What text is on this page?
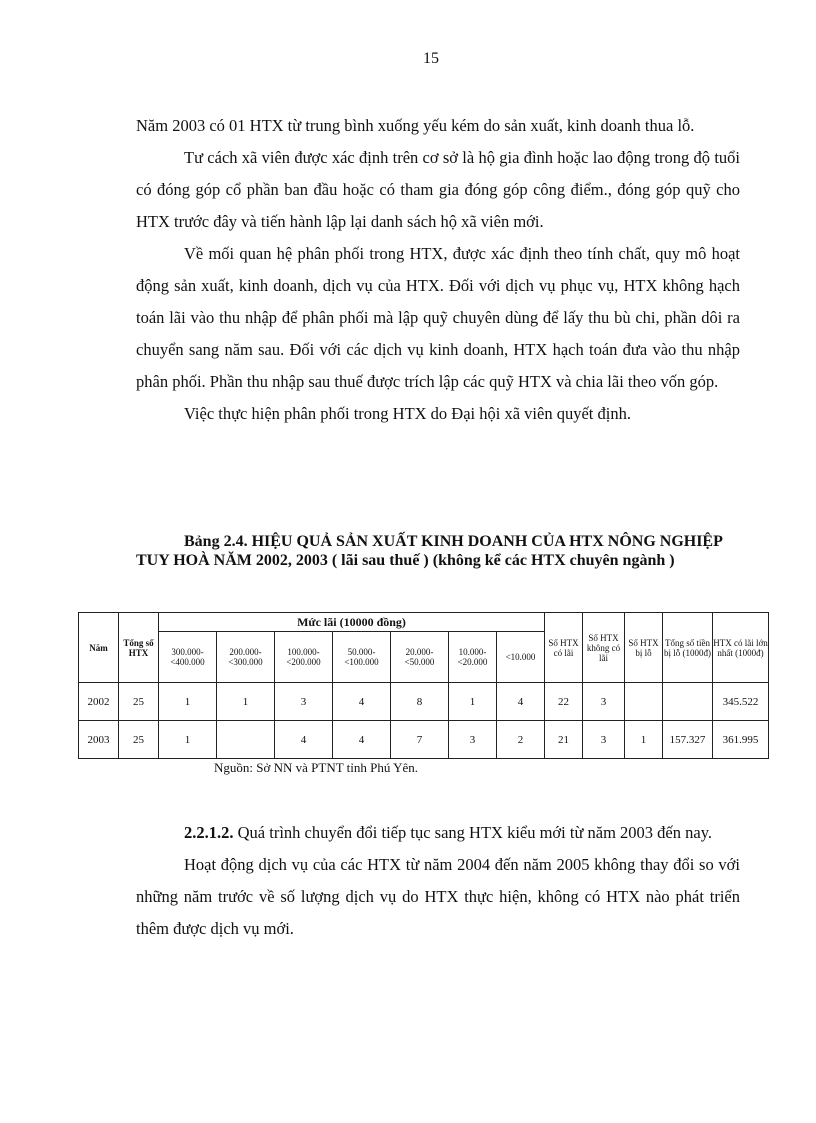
15

Năm 2003 có 01 HTX từ trung bình xuống yếu kém do sản xuất, kinh doanh thua lỗ.

Tư cách xã viên được xác định trên cơ sở là hộ gia đình hoặc lao động trong độ tuổi có đóng góp cổ phần ban đầu hoặc có tham gia đóng góp công điểm., đóng góp quỹ cho HTX trước đây và tiến hành lập lại danh sách hộ xã viên mới.

Về mối quan hệ phân phối trong HTX, được xác định theo tính chất, quy mô hoạt động sản xuất, kinh doanh, dịch vụ của HTX. Đối với dịch vụ phục vụ, HTX không hạch toán lãi vào thu nhập để phân phối mà lập quỹ chuyên dùng để lấy thu bù chi, phần dôi ra chuyển sang năm sau. Đối với các dịch vụ kinh doanh, HTX hạch toán đưa vào thu nhập phân phối. Phần thu nhập sau thuế được trích lập các quỹ HTX và chia lãi theo vốn góp.

Việc thực hiện phân phối trong HTX do Đại hội xã viên quyết định.

Bảng 2.4. HIỆU QUẢ SẢN XUẤT KINH DOANH CỦA HTX NÔNG NGHIỆP TUY HOÀ NĂM 2002, 2003 ( lãi sau thuế ) (không kể các HTX chuyên ngành )

Năm	Tổng số HTX	Mức lãi (10000 đồng)							Số HTX có lãi	Số HTX không có lãi	Số HTX bị lỗ	Tổng số tiền bị lỗ (1000đ)	HTX có lãi lớn nhất (1000đ)
		300.000-<400.000	200.000-<300.000	100.000-<200.000	50.000-<100.000	20.000-<50.000	10.000-<20.000	<10.000					
2002	25	1	1	3	4	8	1	4	22	3			345.522
2003	25	1		4	4	7	3	2	21	3	1	157.327	361.995
Nguồn: Sở NN và PTNT tỉnh Phú Yên.

2.2.1.2. Quá trình chuyển đổi tiếp tục sang HTX kiểu mới từ năm 2003 đến nay.

Hoạt động dịch vụ của các HTX từ năm 2004 đến năm 2005 không thay đổi so với những năm trước về số lượng dịch vụ do HTX thực hiện, không có HTX nào phát triển thêm được dịch vụ mới.
